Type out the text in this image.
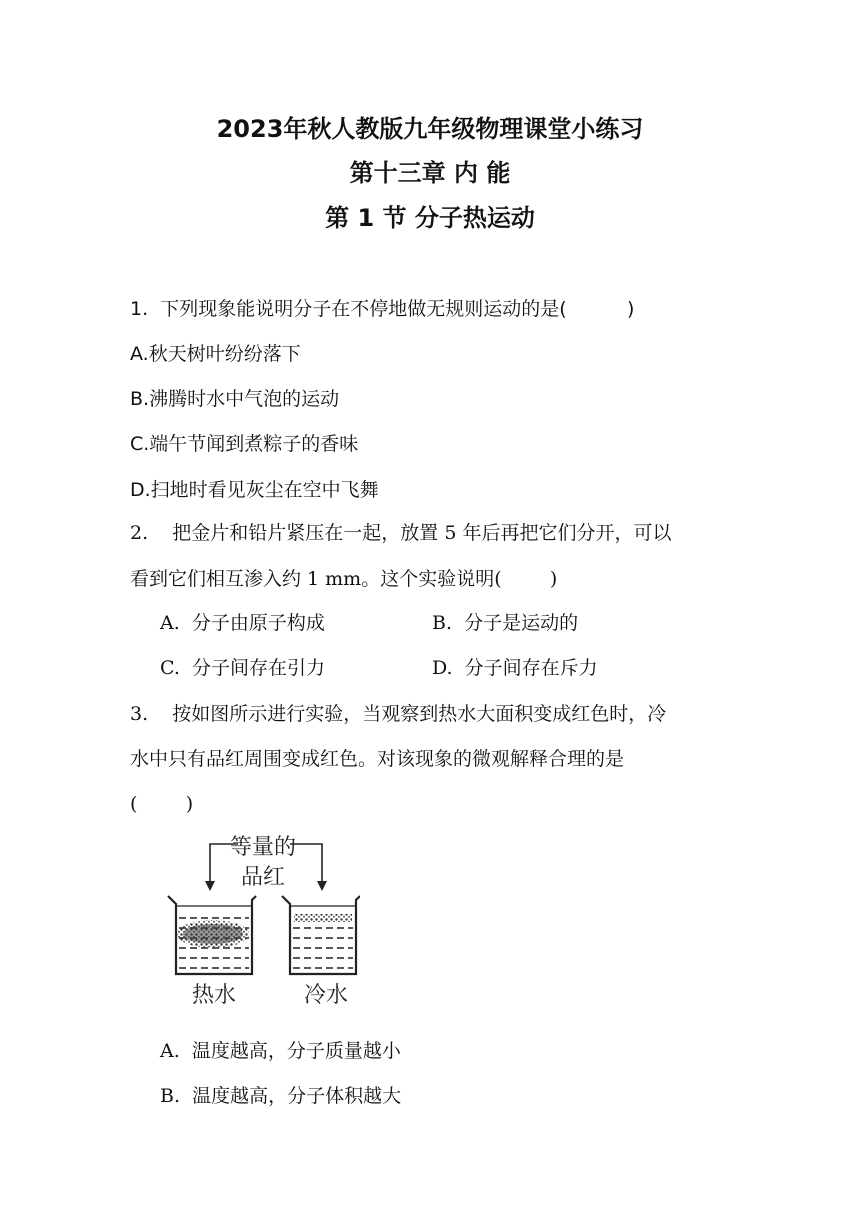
2023年秋人教版九年级物理课堂小练习
第十三章 内 能
第 1 节 分子热运动
1.  下列现象能说明分子在不停地做无规则运动的是(          )
A.秋天树叶纷纷落下
B.沸腾时水中气泡的运动
C.端午节闻到煮粽子的香味
D.扫地时看见灰尘在空中飞舞
2.    把金片和铅片紧压在一起，放置 5 年后再把它们分开，可以
看到它们相互渗入约 1 mm。这个实验说明(        )
A.  分子由原子构成	B.  分子是运动的
C.  分子间存在引力	D.  分子间存在斥力
3.    按如图所示进行实验，当观察到热水大面积变成红色时，冷
水中只有品红周围变成红色。对该现象的微观解释合理的是
(        )
等量的
品红
热水	冷水
A.  温度越高，分子质量越小
B.  温度越高，分子体积越大
